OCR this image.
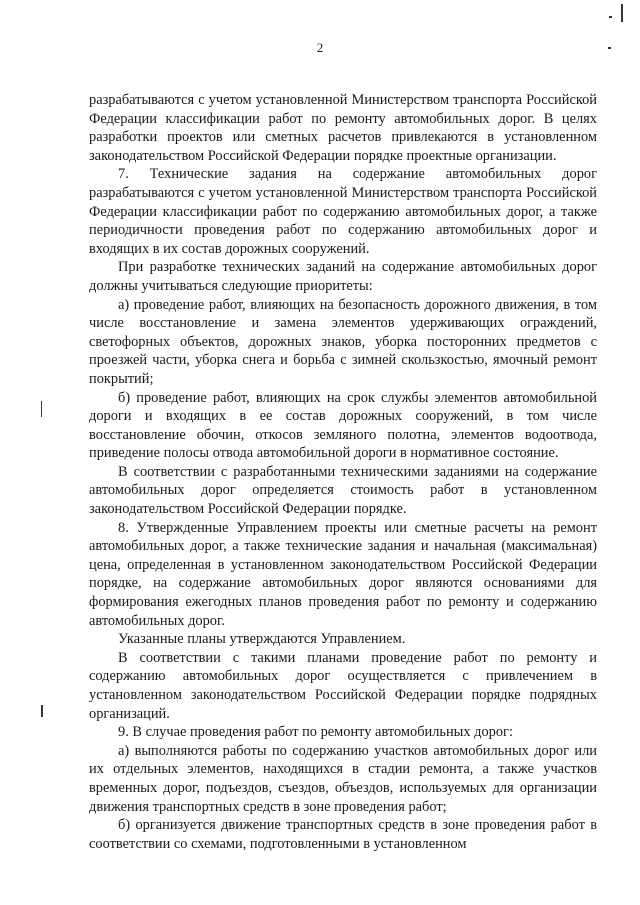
2

разрабатываются с учетом установленной Министерством транспорта Российской Федерации классификации работ по ремонту автомобильных дорог. В целях разработки проектов или сметных расчетов привлекаются в установленном законодательством Российской Федерации порядке проектные организации.

7. Технические задания на содержание автомобильных дорог разрабатываются с учетом установленной Министерством транспорта Российской Федерации классификации работ по содержанию автомобильных дорог, а также периодичности проведения работ по содержанию автомобильных дорог и входящих в их состав дорожных сооружений.

При разработке технических заданий на содержание автомобильных дорог должны учитываться следующие приоритеты:

а) проведение работ, влияющих на безопасность дорожного движения, в том числе восстановление и замена элементов удерживающих ограждений, светофорных объектов, дорожных знаков, уборка посторонних предметов с проезжей части, уборка снега и борьба с зимней скользкостью, ямочный ремонт покрытий;

б) проведение работ, влияющих на срок службы элементов автомобильной дороги и входящих в ее состав дорожных сооружений, в том числе восстановление обочин, откосов земляного полотна, элементов водоотвода, приведение полосы отвода автомобильной дороги в нормативное состояние.

В соответствии с разработанными техническими заданиями на содержание автомобильных дорог определяется стоимость работ в установленном законодательством Российской Федерации порядке.

8. Утвержденные Управлением проекты или сметные расчеты на ремонт автомобильных дорог, а также технические задания и начальная (максимальная) цена, определенная в установленном законодательством Российской Федерации порядке, на содержание автомобильных дорог являются основаниями для формирования ежегодных планов проведения работ по ремонту и содержанию автомобильных дорог.

Указанные планы утверждаются Управлением.

В соответствии с такими планами проведение работ по ремонту и содержанию автомобильных дорог осуществляется с привлечением в установленном законодательством Российской Федерации порядке подрядных организаций.

9. В случае проведения работ по ремонту автомобильных дорог:

а) выполняются работы по содержанию участков автомобильных дорог или их отдельных элементов, находящихся в стадии ремонта, а также участков временных дорог, подъездов, съездов, объездов, используемых для организации движения транспортных средств в зоне проведения работ;

б) организуется движение транспортных средств в зоне проведения работ в соответствии со схемами, подготовленными в установленном
